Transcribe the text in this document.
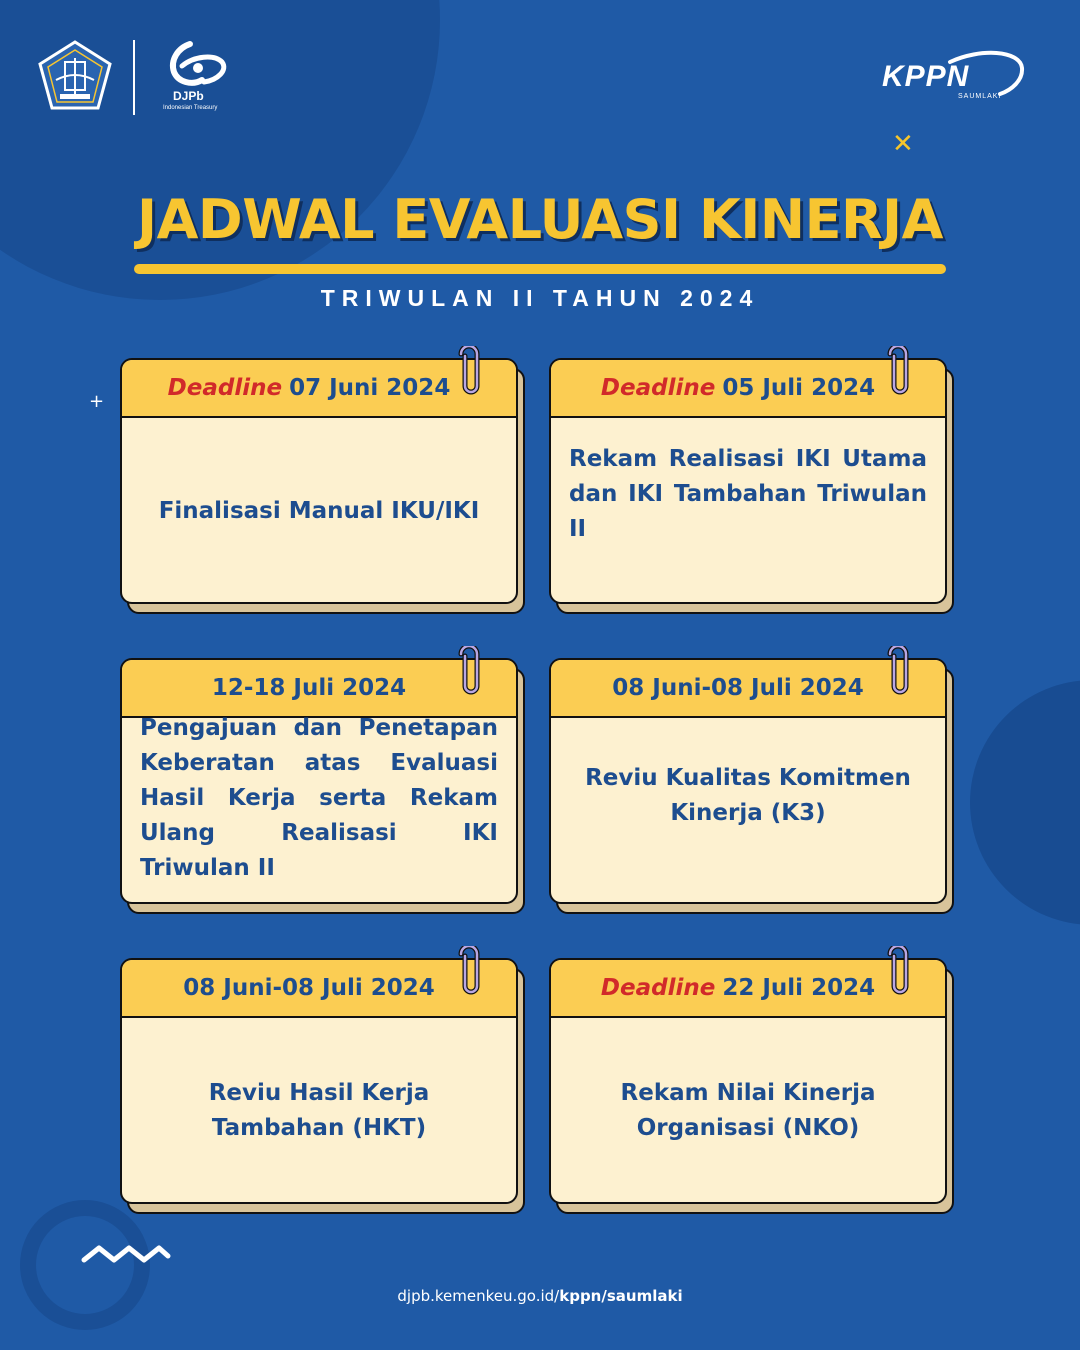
DJPb
Indonesian Treasury
KPPN
SAUMLAKI
✕
+
JADWAL EVALUASI KINERJA
TRIWULAN II TAHUN 2024
Deadline 07 Juni 2024
Finalisasi Manual IKU/IKI
Deadline 05 Juli 2024
Rekam Realisasi IKI Utama dan IKI Tambahan Triwulan II
12-18 Juli 2024
Pengajuan dan Penetapan Keberatan atas Evaluasi Hasil Kerja serta Rekam Ulang Realisasi IKI Triwulan II
08 Juni-08 Juli 2024
Reviu Kualitas Komitmen Kinerja (K3)
08 Juni-08 Juli 2024
Reviu Hasil Kerja Tambahan (HKT)
Deadline 22 Juli 2024
Rekam Nilai Kinerja Organisasi (NKO)
djpb.kemenkeu.go.id/kppn/saumlaki
